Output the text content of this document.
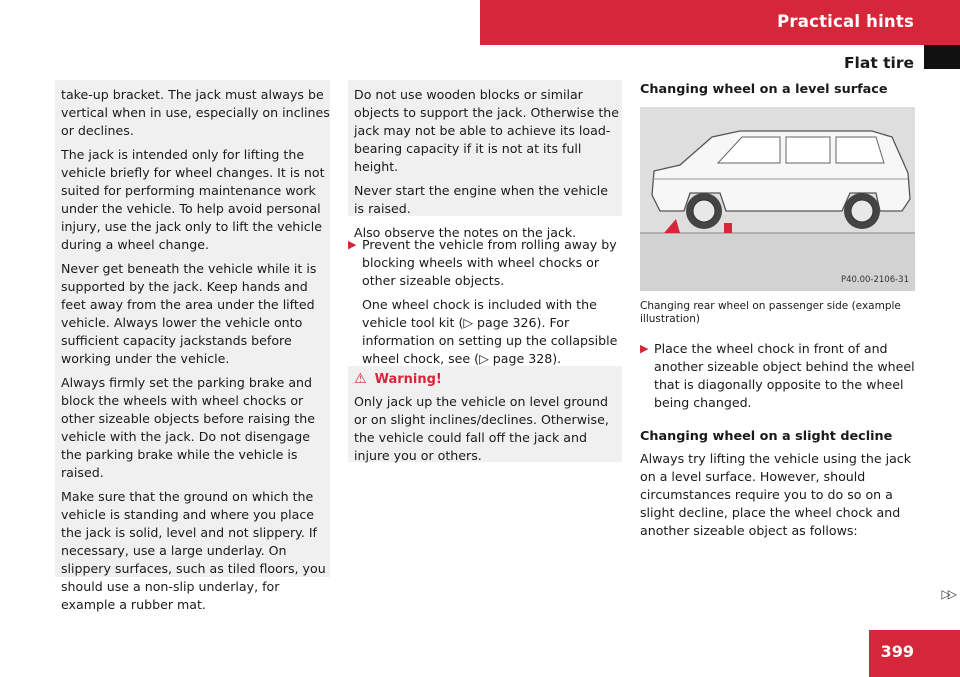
Practical hints
Flat tire

take-up bracket. The jack must always be vertical when in use, especially on inclines or declines.

The jack is intended only for lifting the vehicle briefly for wheel changes. It is not suited for performing maintenance work under the vehicle. To help avoid personal injury, use the jack only to lift the vehicle during a wheel change.

Never get beneath the vehicle while it is supported by the jack. Keep hands and feet away from the area under the lifted vehicle. Always lower the vehicle onto sufficient capacity jackstands before working under the vehicle.

Always firmly set the parking brake and block the wheels with wheel chocks or other sizeable objects before raising the vehicle with the jack. Do not disengage the parking brake while the vehicle is raised.

Make sure that the ground on which the vehicle is standing and where you place the jack is solid, level and not slippery. If necessary, use a large underlay. On slippery surfaces, such as tiled floors, you should use a non-slip underlay, for example a rubber mat.

Do not use wooden blocks or similar objects to support the jack. Otherwise the jack may not be able to achieve its load-bearing capacity if it is not at its full height.

Never start the engine when the vehicle is raised.

Also observe the notes on the jack.

▶ Prevent the vehicle from rolling away by blocking wheels with wheel chocks or other sizeable objects.

One wheel chock is included with the vehicle tool kit (▷ page 326). For information on setting up the collapsible wheel chock, see (▷ page 328).

⚠ Warning!
Only jack up the vehicle on level ground or on slight inclines/declines. Otherwise, the vehicle could fall off the jack and injure you or others.
Changing wheel on a level surface
P40.00-2106-31
Changing rear wheel on passenger side (example illustration)
▶ Place the wheel chock in front of and another sizeable object behind the wheel that is diagonally opposite to the wheel being changed.
Changing wheel on a slight decline
Always try lifting the vehicle using the jack on a level surface. However, should circumstances require you to do so on a slight decline, place the wheel chock and another sizeable object as follows:
▷▷
399
